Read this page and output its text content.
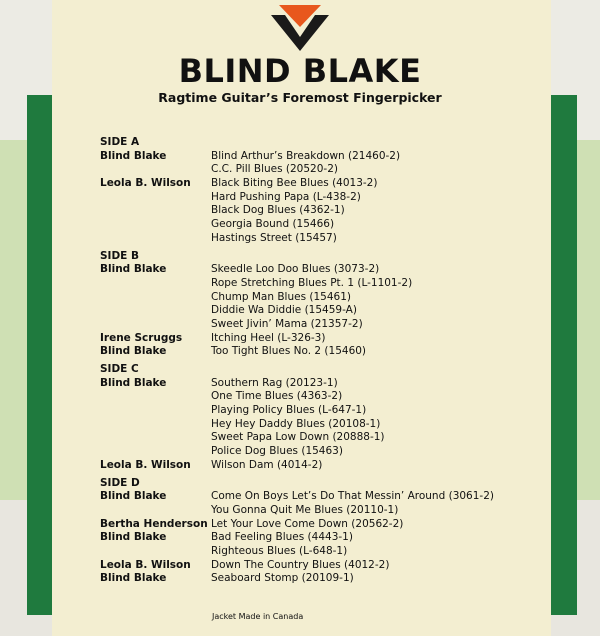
BLIND BLAKE
Ragtime Guitar’s Foremost Fingerpicker
SIDE A
Blind Blake	Blind Arthur’s Breakdown (21460-2)
C.C. Pill Blues (20520-2)
Leola B. Wilson	Black Biting Bee Blues (4013-2)
Hard Pushing Papa (L-438-2)
Black Dog Blues (4362-1)
Georgia Bound (15466)
Hastings Street (15457)
SIDE B
Blind Blake	Skeedle Loo Doo Blues (3073-2)
Rope Stretching Blues Pt. 1 (L-1101-2)
Chump Man Blues (15461)
Diddie Wa Diddie (15459-A)
Sweet Jivin’ Mama (21357-2)
Irene Scruggs	Itching Heel (L-326-3)
Blind Blake	Too Tight Blues No. 2 (15460)
SIDE C
Blind Blake	Southern Rag (20123-1)
One Time Blues (4363-2)
Playing Policy Blues (L-647-1)
Hey Hey Daddy Blues (20108-1)
Sweet Papa Low Down (20888-1)
Police Dog Blues (15463)
Leola B. Wilson	Wilson Dam (4014-2)
SIDE D
Blind Blake	Come On Boys Let’s Do That Messin’ Around (3061-2)
You Gonna Quit Me Blues (20110-1)
Bertha Henderson Let Your Love Come Down (20562-2)
Blind Blake	Bad Feeling Blues (4443-1)
Righteous Blues (L-648-1)
Leola B. Wilson	Down The Country Blues (4012-2)
Blind Blake	Seaboard Stomp (20109-1)
Jacket Made in Canada
